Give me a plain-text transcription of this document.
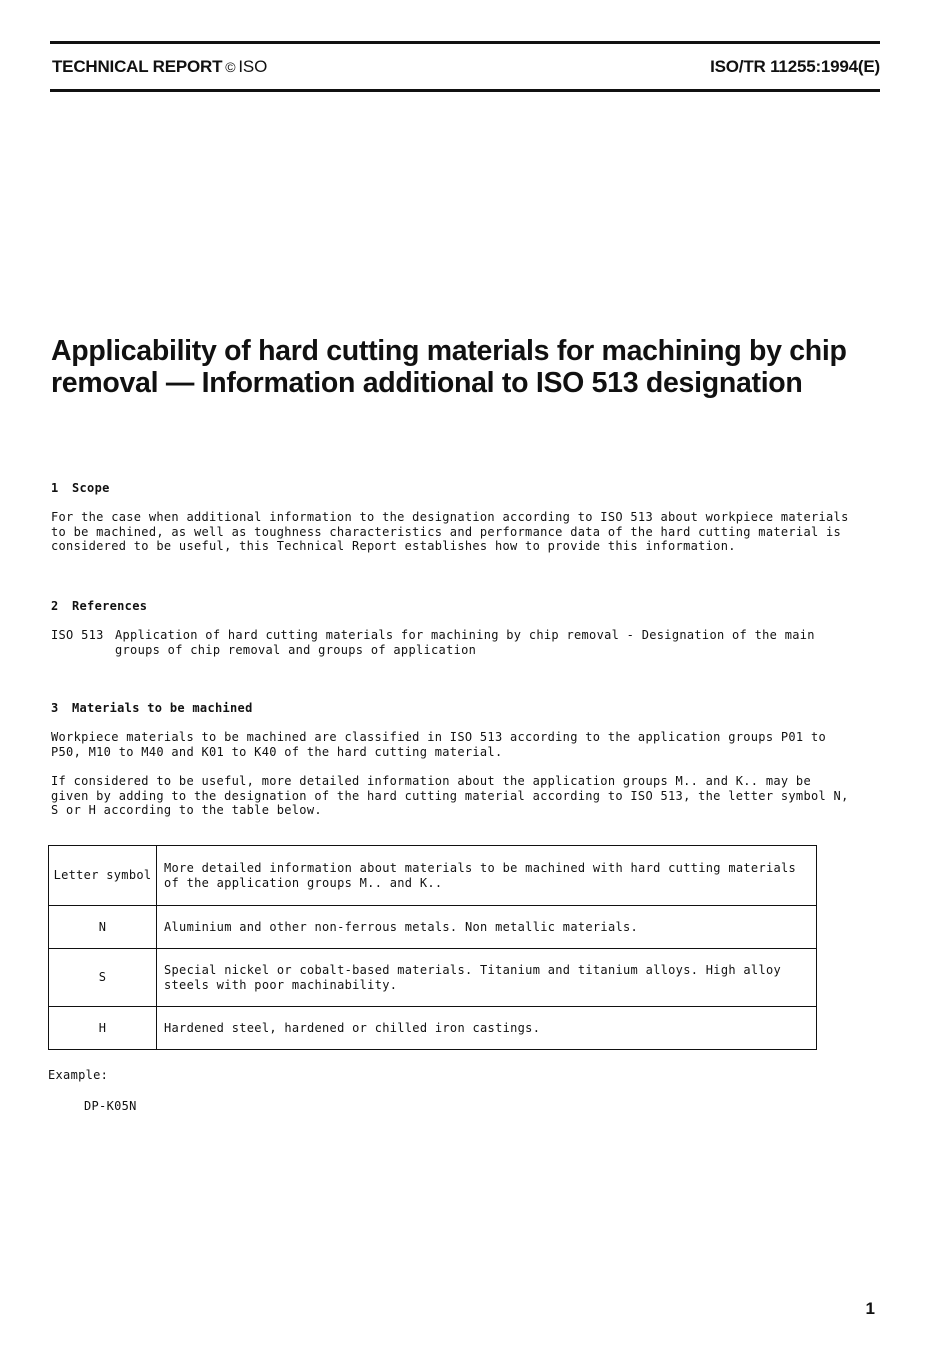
TECHNICAL REPORT © ISO	ISO/TR 11255:1994(E)
Applicability of hard cutting materials for machining by chip removal — Information additional to ISO 513 designation
1 Scope

For the case when additional information to the designation according to ISO 513 about workpiece materials to be machined, as well as toughness characteristics and performance data of the hard cutting material is considered to be useful, this Technical Report establishes how to provide this information.

2 References
ISO 513 Application of hard cutting materials for machining by chip removal - Designation of the main groups of chip removal and groups of application
3 Materials to be machined

Workpiece materials to be machined are classified in ISO 513 according to the application groups P01 to P50, M10 to M40 and K01 to K40 of the hard cutting material.

If considered to be useful, more detailed information about the application groups M.. and K.. may be given by adding to the designation of the hard cutting material according to ISO 513, the letter symbol N, S or H according to the table below.

Letter symbol	More detailed information about materials to be machined with hard cutting materials of the application groups M.. and K..
N	Aluminium and other non-ferrous metals. Non metallic materials.
S	Special nickel or cobalt-based materials. Titanium and titanium alloys. High alloy steels with poor machinability.
H	Hardened steel, hardened or chilled iron castings.
Example:
DP-K05N
1
